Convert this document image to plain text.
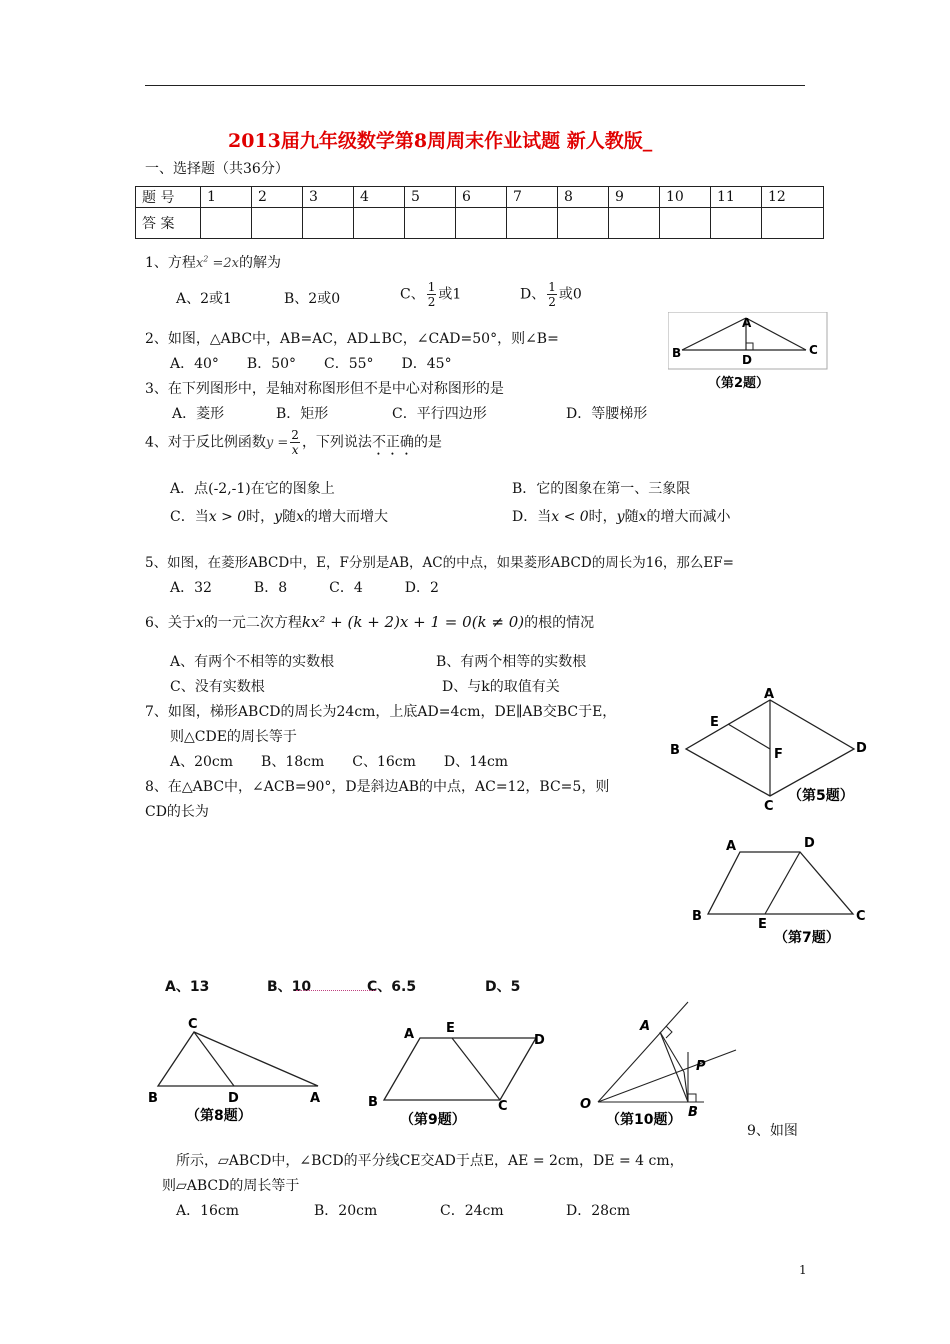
2013届九年级数学第8周周末作业试题 新人教版_
一、选择题（共36分）
题 号	1	2	3	4	5	6	7	8	9	10	11	12
答 案												
1、方程$x^2 =2x$的解为
A、2或1	B、2或0	C、 $\frac{1}{2}$ 或1	D、 $\frac{1}{2}$ 或0
2、如图，△ABC中，AB=AC，AD⊥BC，∠CAD=50°，则∠B=
A．40°　　B．50°　　C．55°　　D．45°
A
B	D
C
（第2题）
3、在下列图形中，是轴对称图形但不是中心对称图形的是
A．菱形	B．矩形	C．平行四边形	D．等腰梯形
4、对于反比例函数$y = \frac{2}{x}$ ，下列说法不正确的是
A．点(-2,-1)在它的图象上	B．它的图象在第一、三象限
C．当x > 0时，y随x的增大而增大	D．当x < 0时，y随x的增大而减小
5、如图，在菱形ABCD中，E，F分别是AB，AC的中点，如果菱形ABCD的周长为16，那么EF=
A．32　　　B．8　　　C．4　　　D．2
6、关于x的一元二次方程kx² + (k + 2)x + 1 = 0(k ≠ 0)的根的情况
A、有两个不相等的实数根	B、有两个相等的实数根
C、没有实数根	D、与k的取值有关
7、如图，梯形ABCD的周长为24cm，上底AD=4cm，DE∥AB交BC于E，
则△CDE的周长等于
A、20cm　　B、18cm　　C、16cm　　D、14cm
8、在△ABC中，∠ACB=90°，D是斜边AB的中点，AC=12，BC=5，则
CD的长为
A
B
E
F	D
C
（第5题）
A	D
B
E
C
（第7题）
A、13	B、10	C、6.5	D、5
C
B	D	A
（第8题）
A E
D
B	C
（第9题）
A
P
O
B
（第10题）
9、如图
所示，▱ABCD中，∠BCD的平分线CE交AD于点E，AE = 2cm，DE = 4 cm，
则▱ABCD的周长等于
A．16cm	B．20cm	C．24cm	D．28cm
1
